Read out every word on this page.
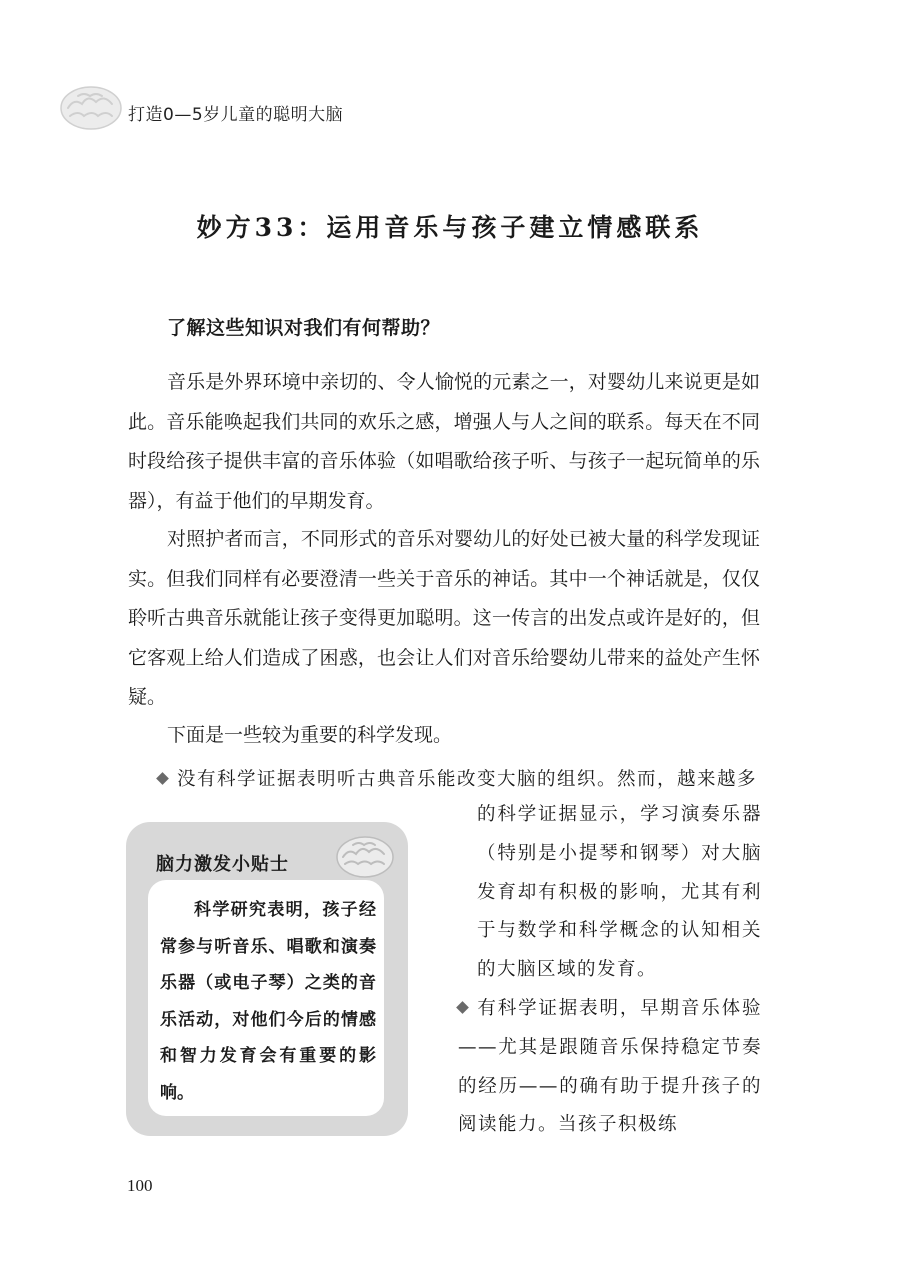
打造0—5岁儿童的聪明大脑
妙方33：运用音乐与孩子建立情感联系
了解这些知识对我们有何帮助？

音乐是外界环境中亲切的、令人愉悦的元素之一，对婴幼儿来说更是如此。音乐能唤起我们共同的欢乐之感，增强人与人之间的联系。每天在不同时段给孩子提供丰富的音乐体验（如唱歌给孩子听、与孩子一起玩简单的乐器），有益于他们的早期发育。

对照护者而言，不同形式的音乐对婴幼儿的好处已被大量的科学发现证实。但我们同样有必要澄清一些关于音乐的神话。其中一个神话就是，仅仅聆听古典音乐就能让孩子变得更加聪明。这一传言的出发点或许是好的，但它客观上给人们造成了困惑，也会让人们对音乐给婴幼儿带来的益处产生怀疑。

下面是一些较为重要的科学发现。

没有科学证据表明听古典音乐能改变大脑的组织。然而，越来越多

的科学证据显示，学习演奏乐器（特别是小提琴和钢琴）对大脑发育却有积极的影响，尤其有利于与数学和科学概念的认知相关的大脑区域的发育。

有科学证据表明，早期音乐体验——尤其是跟随音乐保持稳定节奏的经历——的确有助于提升孩子的阅读能力。当孩子积极练

脑力激发小贴士

科学研究表明，孩子经常参与听音乐、唱歌和演奏乐器（或电子琴）之类的音乐活动，对他们今后的情感和智力发育会有重要的影响。

100
